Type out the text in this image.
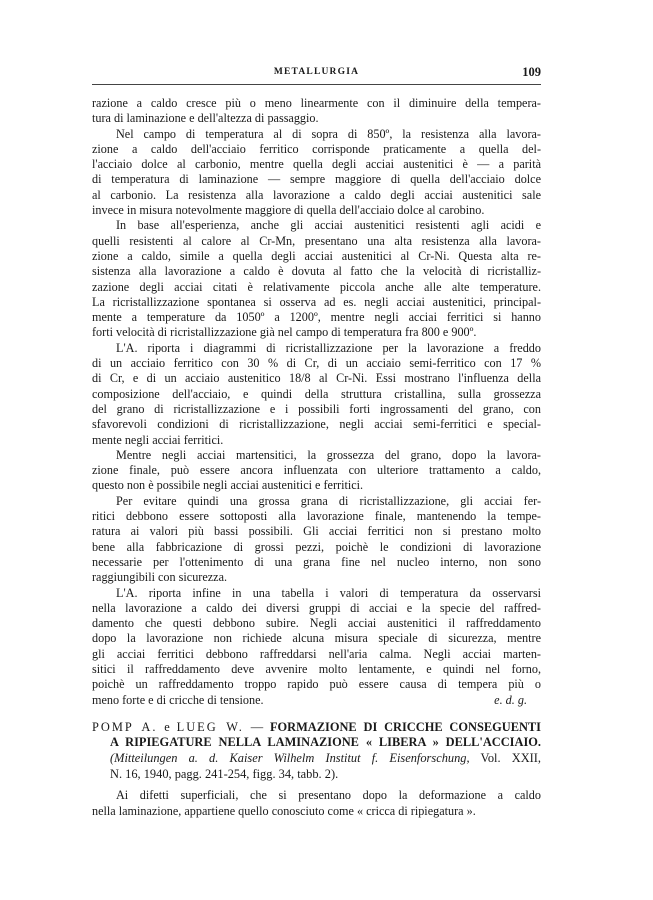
METALLURGIA	109

razione a caldo cresce più o meno linearmente con il diminuire della tempera-

tura di laminazione e dell'altezza di passaggio.

Nel campo di temperatura al di sopra di 850º, la resistenza alla lavora-

zione a caldo dell'acciaio ferritico corrisponde praticamente a quella del-

l'acciaio dolce al carbonio, mentre quella degli acciai austenitici è — a parità

di temperatura di laminazione — sempre maggiore di quella dell'acciaio dolce

al carbonio. La resistenza alla lavorazione a caldo degli acciai austenitici sale

invece in misura notevolmente maggiore di quella dell'acciaio dolce al carobino.

In base all'esperienza, anche gli acciai austenitici resistenti agli acidi e

quelli resistenti al calore al Cr-Mn, presentano una alta resistenza alla lavora-

zione a caldo, simile a quella degli acciai austenitici al Cr-Ni. Questa alta re-

sistenza alla lavorazione a caldo è dovuta al fatto che la velocità di ricristalliz-

zazione degli acciai citati è relativamente piccola anche alle alte temperature.

La ricristallizzazione spontanea si osserva ad es. negli acciai austenitici, principal-

mente a temperature da 1050º a 1200º, mentre negli acciai ferritici si hanno

forti velocità di ricristallizzazione già nel campo di temperatura fra 800 e 900º.

L'A. riporta i diagrammi di ricristallizzazione per la lavorazione a freddo

di un acciaio ferritico con 30 % di Cr, di un acciaio semi-ferritico con 17 %

di Cr, e di un acciaio austenitico 18/8 al Cr-Ni. Essi mostrano l'influenza della

composizione dell'acciaio, e quindi della struttura cristallina, sulla grossezza

del grano di ricristallizzazione e i possibili forti ingrossamenti del grano, con

sfavorevoli condizioni di ricristallizzazione, negli acciai semi-ferritici e special-

mente negli acciai ferritici.

Mentre negli acciai martensitici, la grossezza del grano, dopo la lavora-

zione finale, può essere ancora influenzata con ulteriore trattamento a caldo,

questo non è possibile negli acciai austenitici e ferritici.

Per evitare quindi una grossa grana di ricristallizzazione, gli acciai fer-

ritici debbono essere sottoposti alla lavorazione finale, mantenendo la tempe-

ratura ai valori più bassi possibili. Gli acciai ferritici non si prestano molto

bene alla fabbricazione di grossi pezzi, poichè le condizioni di lavorazione

necessarie per l'ottenimento di una grana fine nel nucleo interno, non sono

raggiungibili con sicurezza.

L'A. riporta infine in una tabella i valori di temperatura da osservarsi

nella lavorazione a caldo dei diversi gruppi di acciai e la specie del raffred-

damento che questi debbono subire. Negli acciai austenitici il raffreddamento

dopo la lavorazione non richiede alcuna misura speciale di sicurezza, mentre

gli acciai ferritici debbono raffreddarsi nell'aria calma. Negli acciai marten-

sitici il raffreddamento deve avvenire molto lentamente, e quindi nel forno,

poichè un raffreddamento troppo rapido può essere causa di tempera più o

meno forte e di cricche di tensione.	e. d. g.

POMP A. e LUEG W. — FORMAZIONE DI CRICCHE CONSEGUENTI

A RIPIEGATURE NELLA LAMINAZIONE « LIBERA » DELL'ACCIAIO.

(Mitteilungen a. d. Kaiser Wilhelm Institut f. Eisenforschung, Vol. XXII,

N. 16, 1940, pagg. 241-254, figg. 34, tabb. 2).

Ai difetti superficiali, che si presentano dopo la deformazione a caldo

nella laminazione, appartiene quello conosciuto come « cricca di ripiegatura ».
